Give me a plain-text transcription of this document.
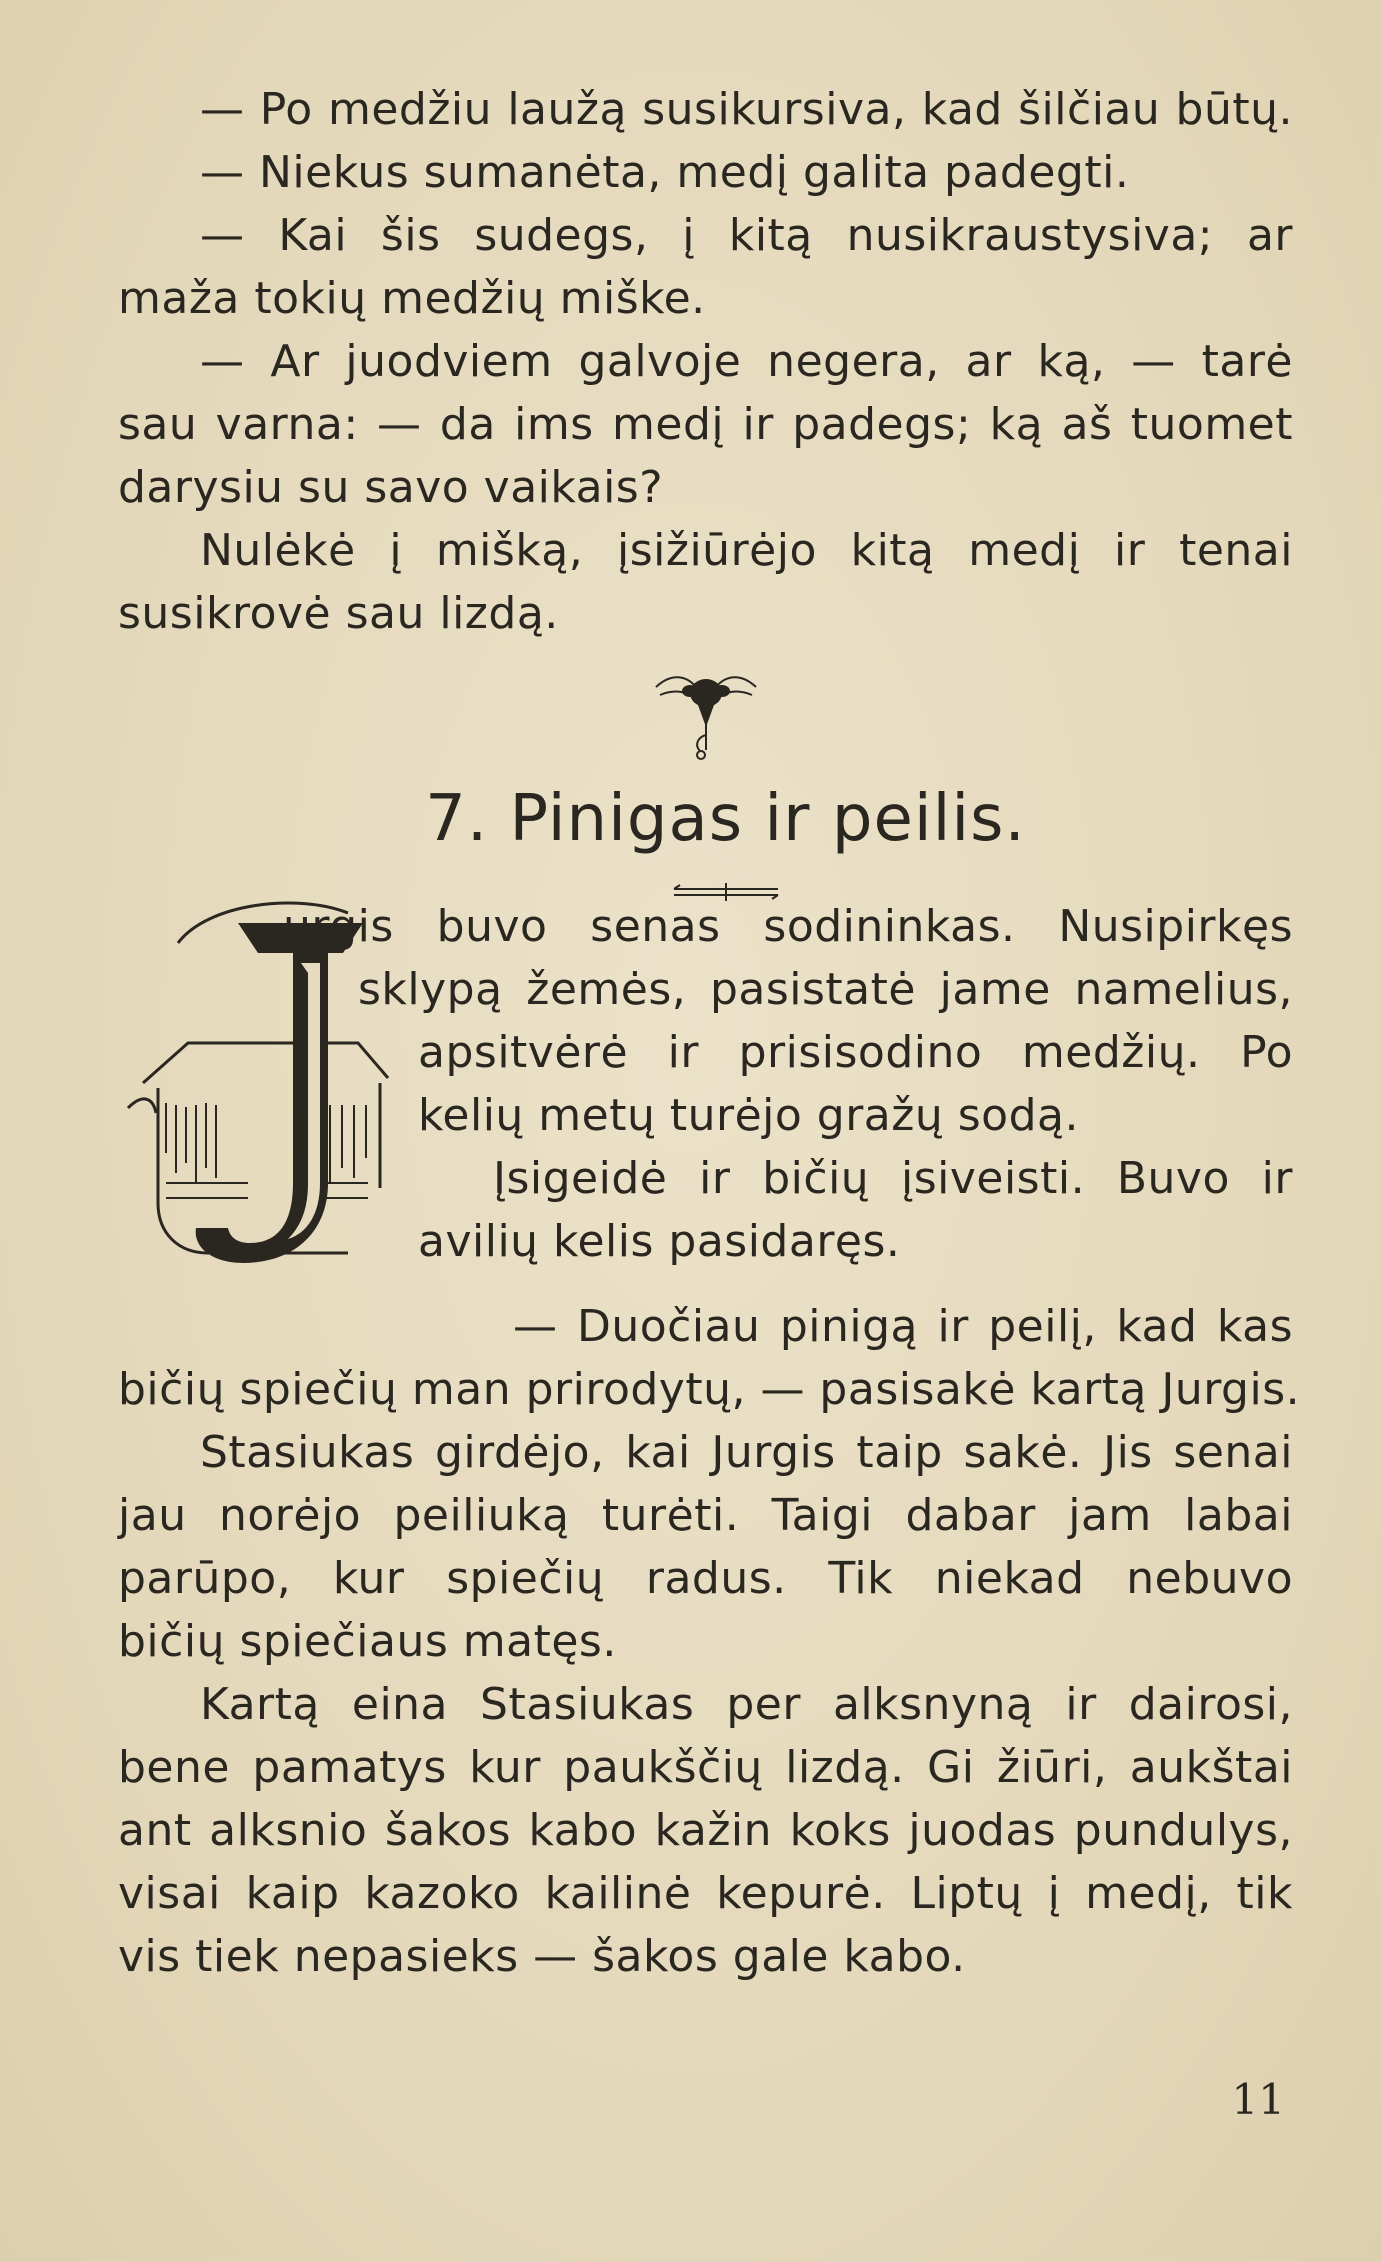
— Po medžiu laužą susikursiva, kad šilčiau būtų.
— Niekus sumanėta, medį galita padegti.
— Kai šis sudegs, į kitą nusikraustysiva; ar
maža tokių medžių miške.
— Ar juodviem galvoje negera, ar ką, — tarė
sau varna: — da ims medį ir padegs; ką aš tuomet
darysiu su savo vaikais?
Nulėkė į mišką, įsižiūrėjo kitą medį ir tenai
susikrovė sau lizdą.
7. Pinigas ir peilis.
urgis buvo senas sodininkas. Nusipirkęs
sklypą žemės, pasistatė jame namelius,
apsitvėrė ir prisisodino medžių. Po
kelių metų turėjo gražų sodą.
Įsigeidė ir bičių įsiveisti. Buvo ir
avilių kelis pasidaręs.
— Duočiau pinigą ir peilį, kad kas
bičių spiečių man prirodytų, — pasisakė kartą Jurgis.
Stasiukas girdėjo, kai Jurgis taip sakė. Jis senai
jau norėjo peiliuką turėti. Taigi dabar jam labai
parūpo, kur spiečių radus. Tik niekad nebuvo
bičių spiečiaus matęs.
Kartą eina Stasiukas per alksnyną ir dairosi,
bene pamatys kur paukščių lizdą. Gi žiūri, aukštai
ant alksnio šakos kabo kažin koks juodas pundulys,
visai kaip kazoko kailinė kepurė. Liptų į medį, tik
vis tiek nepasieks — šakos gale kabo.
11
